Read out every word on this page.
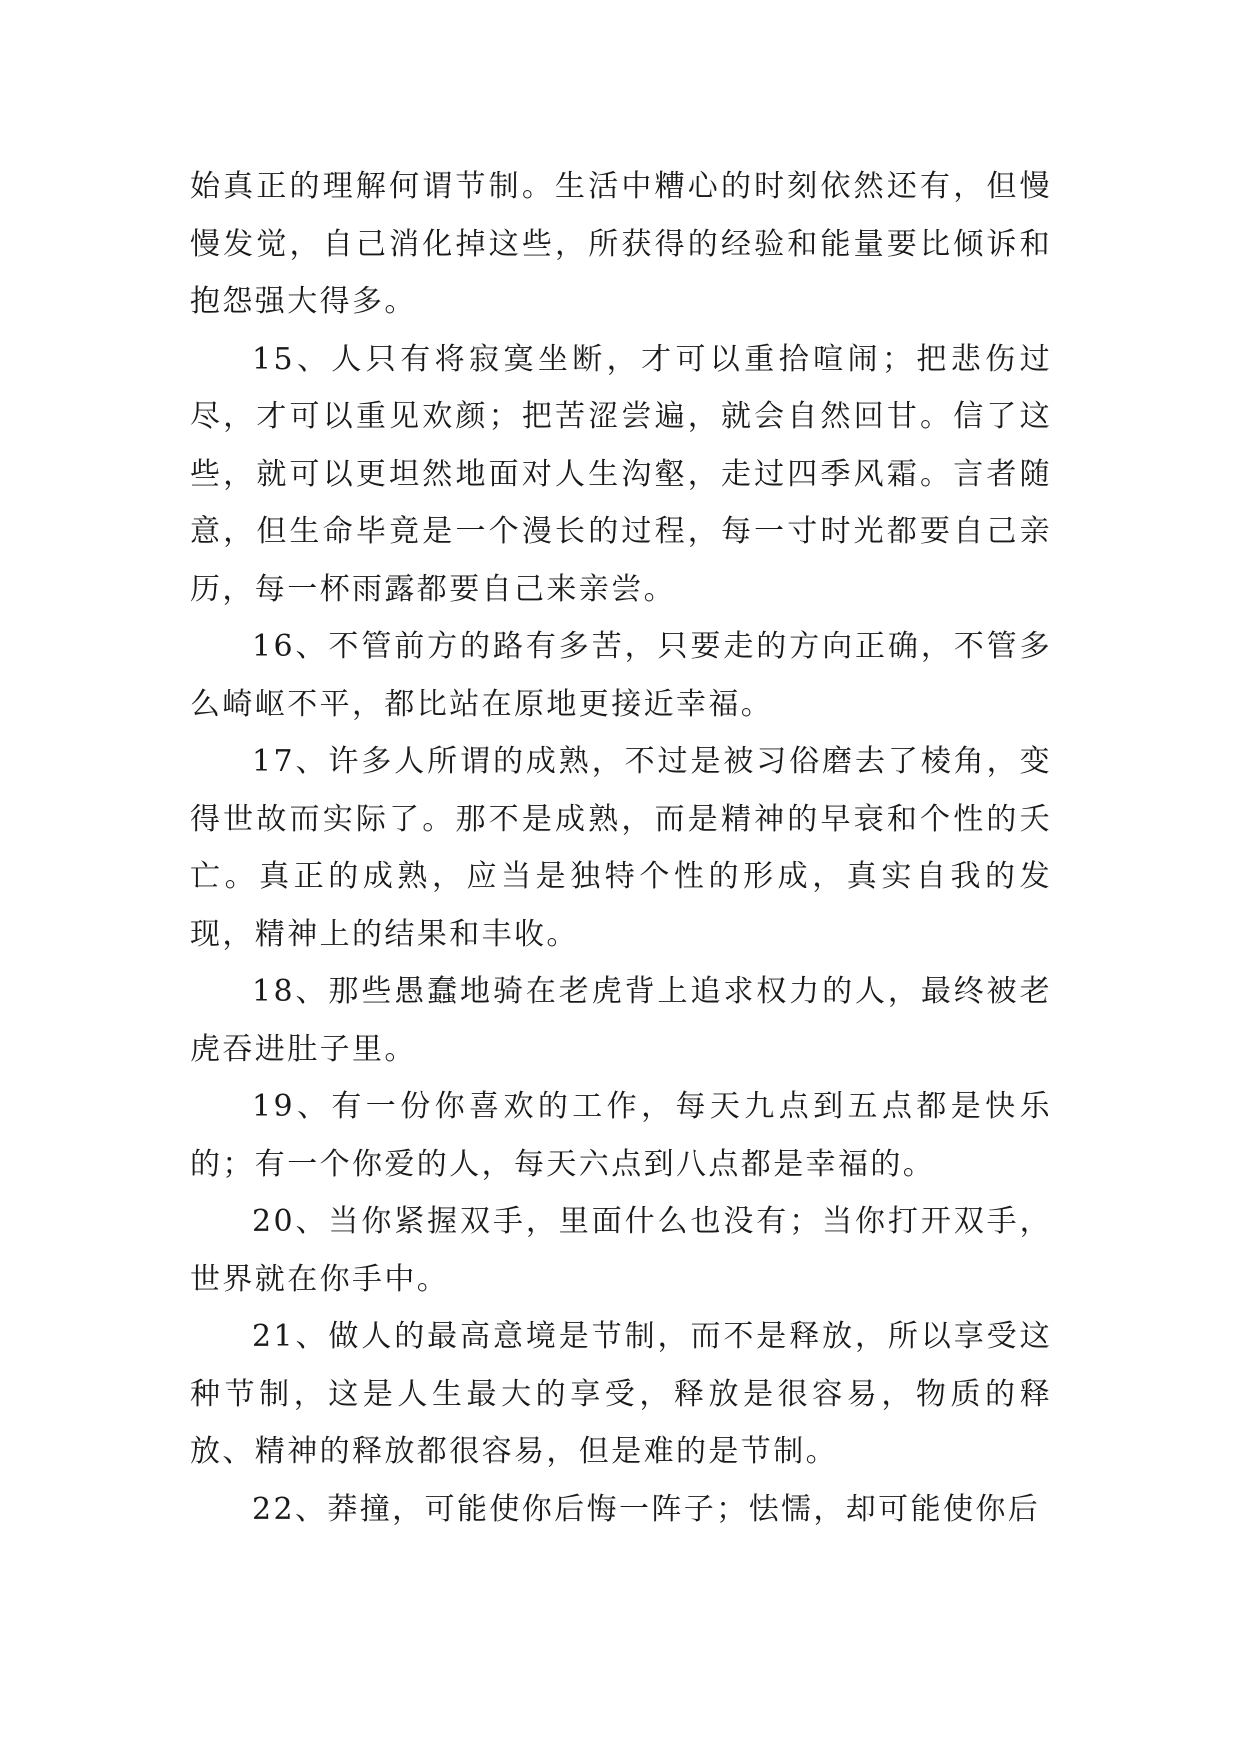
始真正的理解何谓节制。生活中糟心的时刻依然还有，但慢慢发觉，自己消化掉这些，所获得的经验和能量要比倾诉和抱怨强大得多。

15、人只有将寂寞坐断，才可以重拾喧闹；把悲伤过尽，才可以重见欢颜；把苦涩尝遍，就会自然回甘。信了这些，就可以更坦然地面对人生沟壑，走过四季风霜。言者随意，但生命毕竟是一个漫长的过程，每一寸时光都要自己亲历，每一杯雨露都要自己来亲尝。

16、不管前方的路有多苦，只要走的方向正确，不管多么崎岖不平，都比站在原地更接近幸福。

17、许多人所谓的成熟，不过是被习俗磨去了棱角，变得世故而实际了。那不是成熟，而是精神的早衰和个性的夭亡。真正的成熟，应当是独特个性的形成，真实自我的发现，精神上的结果和丰收。

18、那些愚蠢地骑在老虎背上追求权力的人，最终被老虎吞进肚子里。

19、有一份你喜欢的工作，每天九点到五点都是快乐的；有一个你爱的人，每天六点到八点都是幸福的。

20、当你紧握双手，里面什么也没有；当你打开双手，世界就在你手中。

21、做人的最高意境是节制，而不是释放，所以享受这种节制，这是人生最大的享受，释放是很容易，物质的释放、精神的释放都很容易，但是难的是节制。

22、莽撞，可能使你后悔一阵子；怯懦，却可能使你后
